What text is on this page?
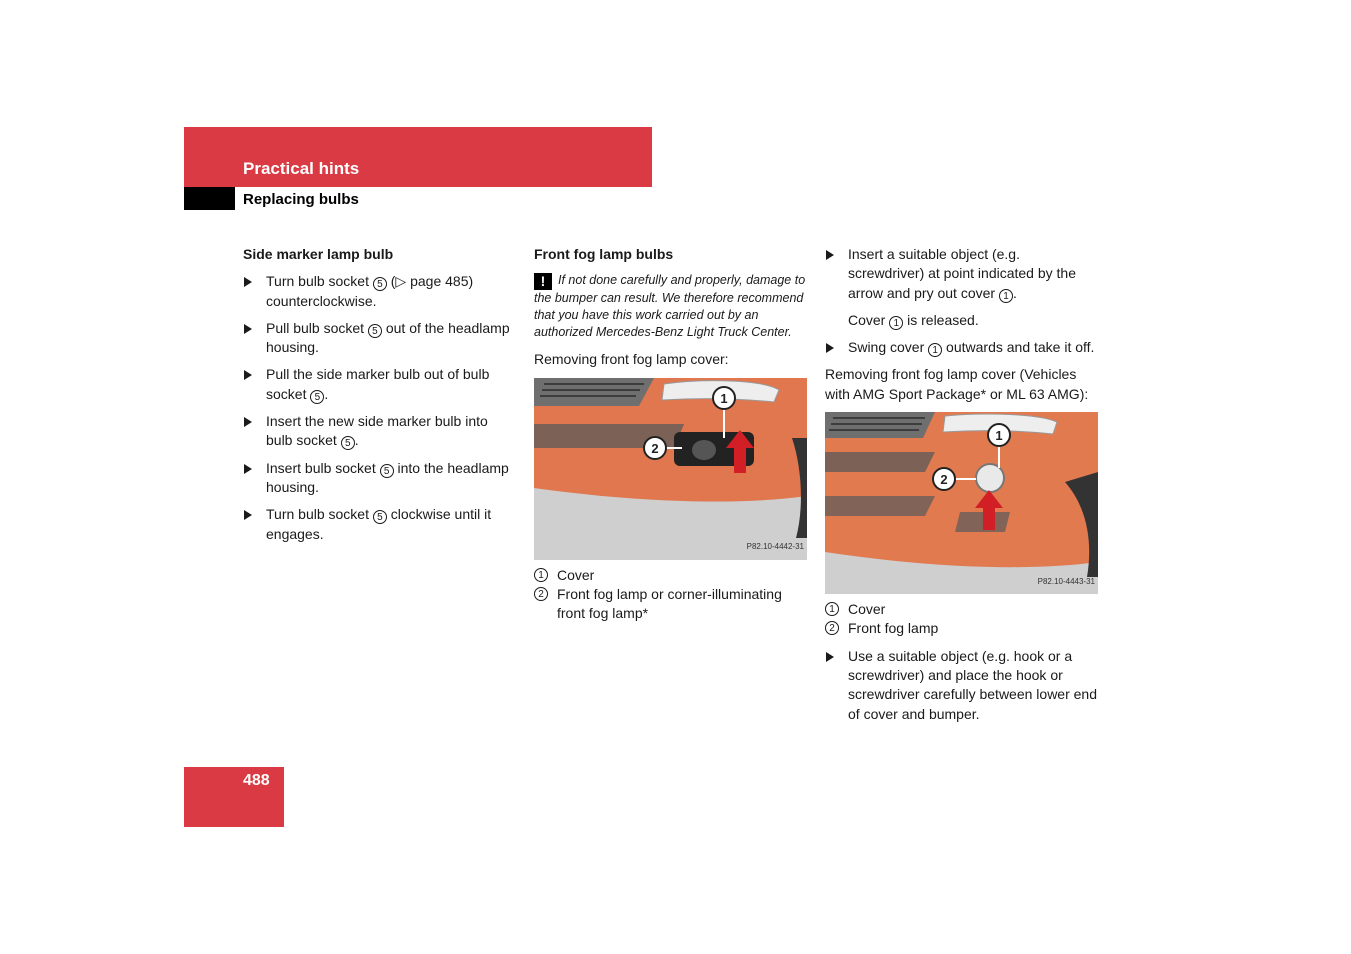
Practical hints
Replacing bulbs

Side marker lamp bulb

Turn bulb socket 5 (▷ page 485) counterclockwise.

Pull bulb socket 5 out of the headlamp housing.

Pull the side marker bulb out of bulb socket 5 .

Insert the new side marker bulb into bulb socket 5 .

Insert bulb socket 5 into the headlamp housing.

Turn bulb socket 5 clockwise until it engages.

Front fog lamp bulbs

! If not done carefully and properly, damage to the bumper can result. We therefore recommend that you have this work carried out by an authorized Mercedes-Benz Light Truck Center.

Removing front fog lamp cover:

1
2
P82.10-4442-31

1 Cover

2 Front fog lamp or corner-illuminating front fog lamp*

Insert a suitable object (e.g. screwdriver) at point indicated by the arrow and pry out cover 1 .

Cover 1 is released.

Swing cover 1 outwards and take it off.

Removing front fog lamp cover (Vehicles with AMG Sport Package* or ML 63 AMG):

1
2
P82.10-4443-31

1 Cover

2 Front fog lamp

Use a suitable object (e.g. hook or a screwdriver) and place the hook or screwdriver carefully between lower end of cover and bumper.

488
